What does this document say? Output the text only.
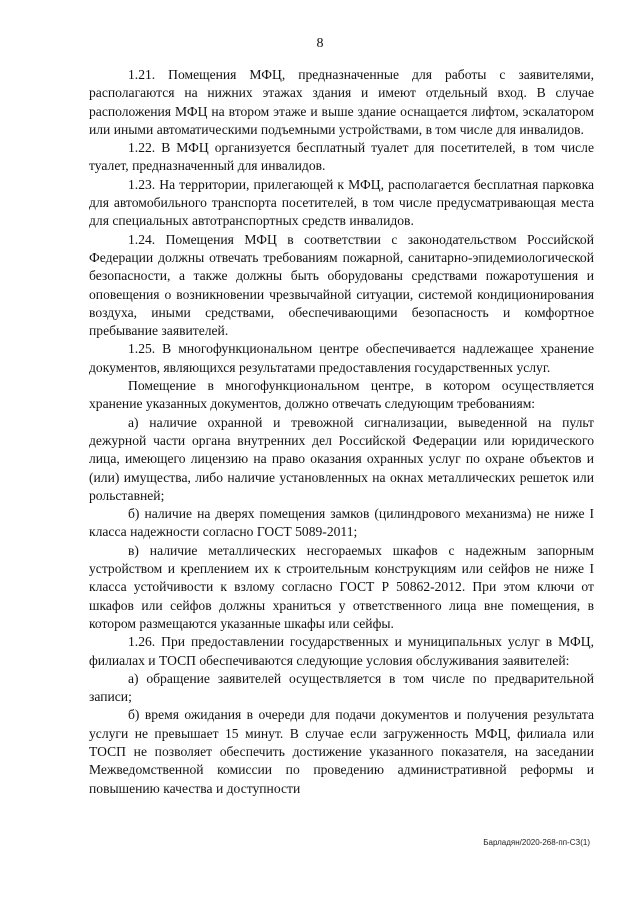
8

1.21. Помещения МФЦ, предназначенные для работы с заявителями, располагаются на нижних этажах здания и имеют отдельный вход. В случае расположения МФЦ на втором этаже и выше здание оснащается лифтом, эскалатором или иными автоматическими подъемными устройствами, в том числе для инвалидов.

1.22. В МФЦ организуется бесплатный туалет для посетителей, в том числе туалет, предназначенный для инвалидов.

1.23. На территории, прилегающей к МФЦ, располагается бесплатная парковка для автомобильного транспорта посетителей, в том числе предусматривающая места для специальных автотранспортных средств инвалидов.

1.24. Помещения МФЦ в соответствии с законодательством Российской Федерации должны отвечать требованиям пожарной, санитарно-эпидемиологической безопасности, а также должны быть оборудованы средствами пожаротушения и оповещения о возникновении чрезвычайной ситуации, системой кондиционирования воздуха, иными средствами, обеспечивающими безопасность и комфортное пребывание заявителей.

1.25. В многофункциональном центре обеспечивается надлежащее хранение документов, являющихся результатами предоставления государственных услуг.

Помещение в многофункциональном центре, в котором осуществляется хранение указанных документов, должно отвечать следующим требованиям:

а) наличие охранной и тревожной сигнализации, выведенной на пульт дежурной части органа внутренних дел Российской Федерации или юридического лица, имеющего лицензию на право оказания охранных услуг по охране объектов и (или) имущества, либо наличие установленных на окнах металлических решеток или рольставней;

б) наличие на дверях помещения замков (цилиндрового механизма) не ниже I класса надежности согласно ГОСТ 5089-2011;

в) наличие металлических несгораемых шкафов с надежным запорным устройством и креплением их к строительным конструкциям или сейфов не ниже I класса устойчивости к взлому согласно ГОСТ Р 50862-2012. При этом ключи от шкафов или сейфов должны храниться у ответственного лица вне помещения, в котором размещаются указанные шкафы или сейфы.

1.26. При предоставлении государственных и муниципальных услуг в МФЦ, филиалах и ТОСП обеспечиваются следующие условия обслуживания заявителей:

а) обращение заявителей осуществляется в том числе по предварительной записи;

б) время ожидания в очереди для подачи документов и получения результата услуги не превышает 15 минут. В случае если загруженность МФЦ, филиала или ТОСП не позволяет обеспечить достижение указанного показателя, на заседании Межведомственной комиссии по проведению административной реформы и повышению качества и доступности

Барладян/2020-268-пп-СЗ(1)
